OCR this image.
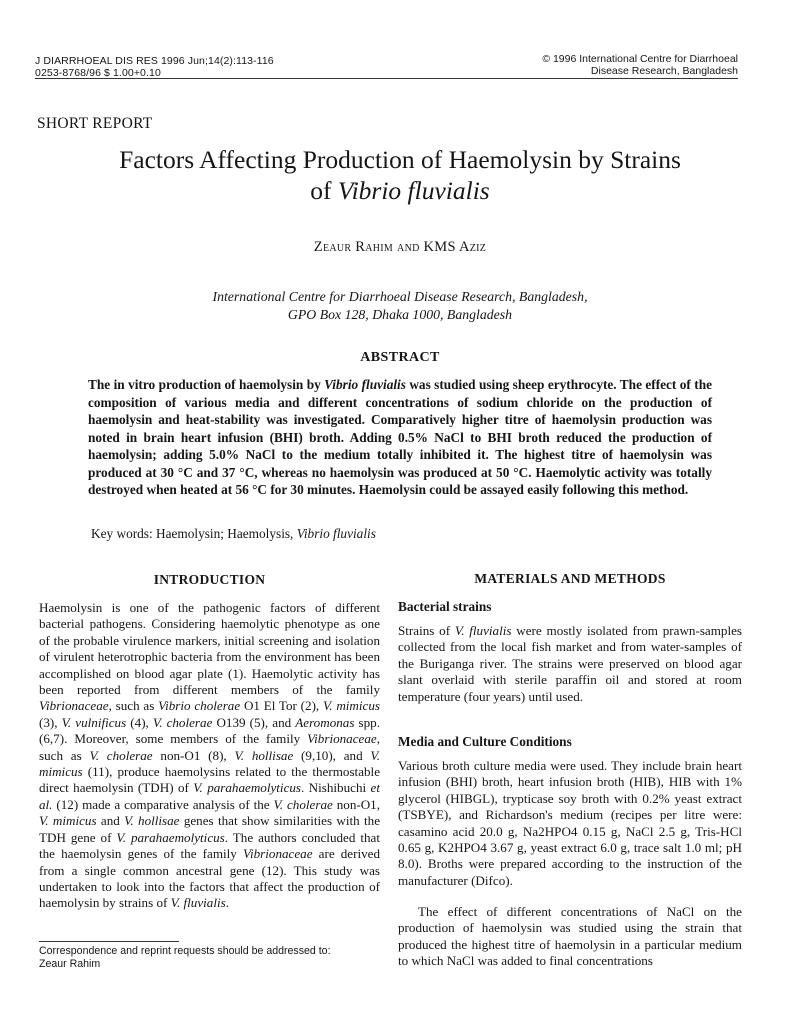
J DIARRHOEAL DIS RES 1996 Jun;14(2):113-116
0253-8768/96 $ 1.00+0.10
© 1996 International Centre for Diarrhoeal
Disease Research, Bangladesh
SHORT REPORT
Factors Affecting Production of Haemolysin by Strains
of Vibrio fluvialis
Zeaur Rahim and KMS Aziz
International Centre for Diarrhoeal Disease Research, Bangladesh,
GPO Box 128, Dhaka 1000, Bangladesh
ABSTRACT
The in vitro production of haemolysin by Vibrio fluvialis was studied using sheep erythrocyte. The effect of the composition of various media and different concentrations of sodium chloride on the production of haemolysin and heat-stability was investigated. Comparatively higher titre of haemolysin production was noted in brain heart infusion (BHI) broth. Adding 0.5% NaCl to BHI broth reduced the production of haemolysin; adding 5.0% NaCl to the medium totally inhibited it. The highest titre of haemolysin was produced at 30 °C and 37 °C, whereas no haemolysin was produced at 50 °C. Haemolytic activity was totally destroyed when heated at 56 °C for 30 minutes. Haemolysin could be assayed easily following this method.
Key words: Haemolysin; Haemolysis, Vibrio fluvialis
INTRODUCTION

Haemolysin is one of the pathogenic factors of different bacterial pathogens. Considering haemolytic phenotype as one of the probable virulence markers, initial screening and isolation of virulent heterotrophic bacteria from the environment has been accomplished on blood agar plate (1). Haemolytic activity has been reported from different members of the family Vibrionaceae, such as Vibrio cholerae O1 El Tor (2), V. mimicus (3), V. vulnificus (4), V. cholerae O139 (5), and Aeromonas spp. (6,7). Moreover, some members of the family Vibrionaceae, such as V. cholerae non-O1 (8), V. hollisae (9,10), and V. mimicus (11), produce haemolysins related to the thermostable direct haemolysin (TDH) of V. parahaemolyticus. Nishibuchi et al. (12) made a comparative analysis of the V. cholerae non-O1, V. mimicus and V. hollisae genes that show similarities with the TDH gene of V. parahaemolyticus. The authors concluded that the haemolysin genes of the family Vibrionaceae are derived from a single common ancestral gene (12). This study was undertaken to look into the factors that affect the production of haemolysin by strains of V. fluvialis.

Correspondence and reprint requests should be addressed to:
Zeaur Rahim
MATERIALS AND METHODS
Bacterial strains

Strains of V. fluvialis were mostly isolated from prawn-samples collected from the local fish market and from water-samples of the Buriganga river. The strains were preserved on blood agar slant overlaid with sterile paraffin oil and stored at room temperature (four years) until used.

Media and Culture Conditions

Various broth culture media were used. They include brain heart infusion (BHI) broth, heart infusion broth (HIB), HIB with 1% glycerol (HIBGL), trypticase soy broth with 0.2% yeast extract (TSBYE), and Richardson's medium (recipes per litre were: casamino acid 20.0 g, Na2HPO4 0.15 g, NaCl 2.5 g, Tris-HCl 0.65 g, K2HPO4 3.67 g, yeast extract 6.0 g, trace salt 1.0 ml; pH 8.0). Broths were prepared according to the instruction of the manufacturer (Difco).

The effect of different concentrations of NaCl on the production of haemolysin was studied using the strain that produced the highest titre of haemolysin in a particular medium to which NaCl was added to final concentrations
